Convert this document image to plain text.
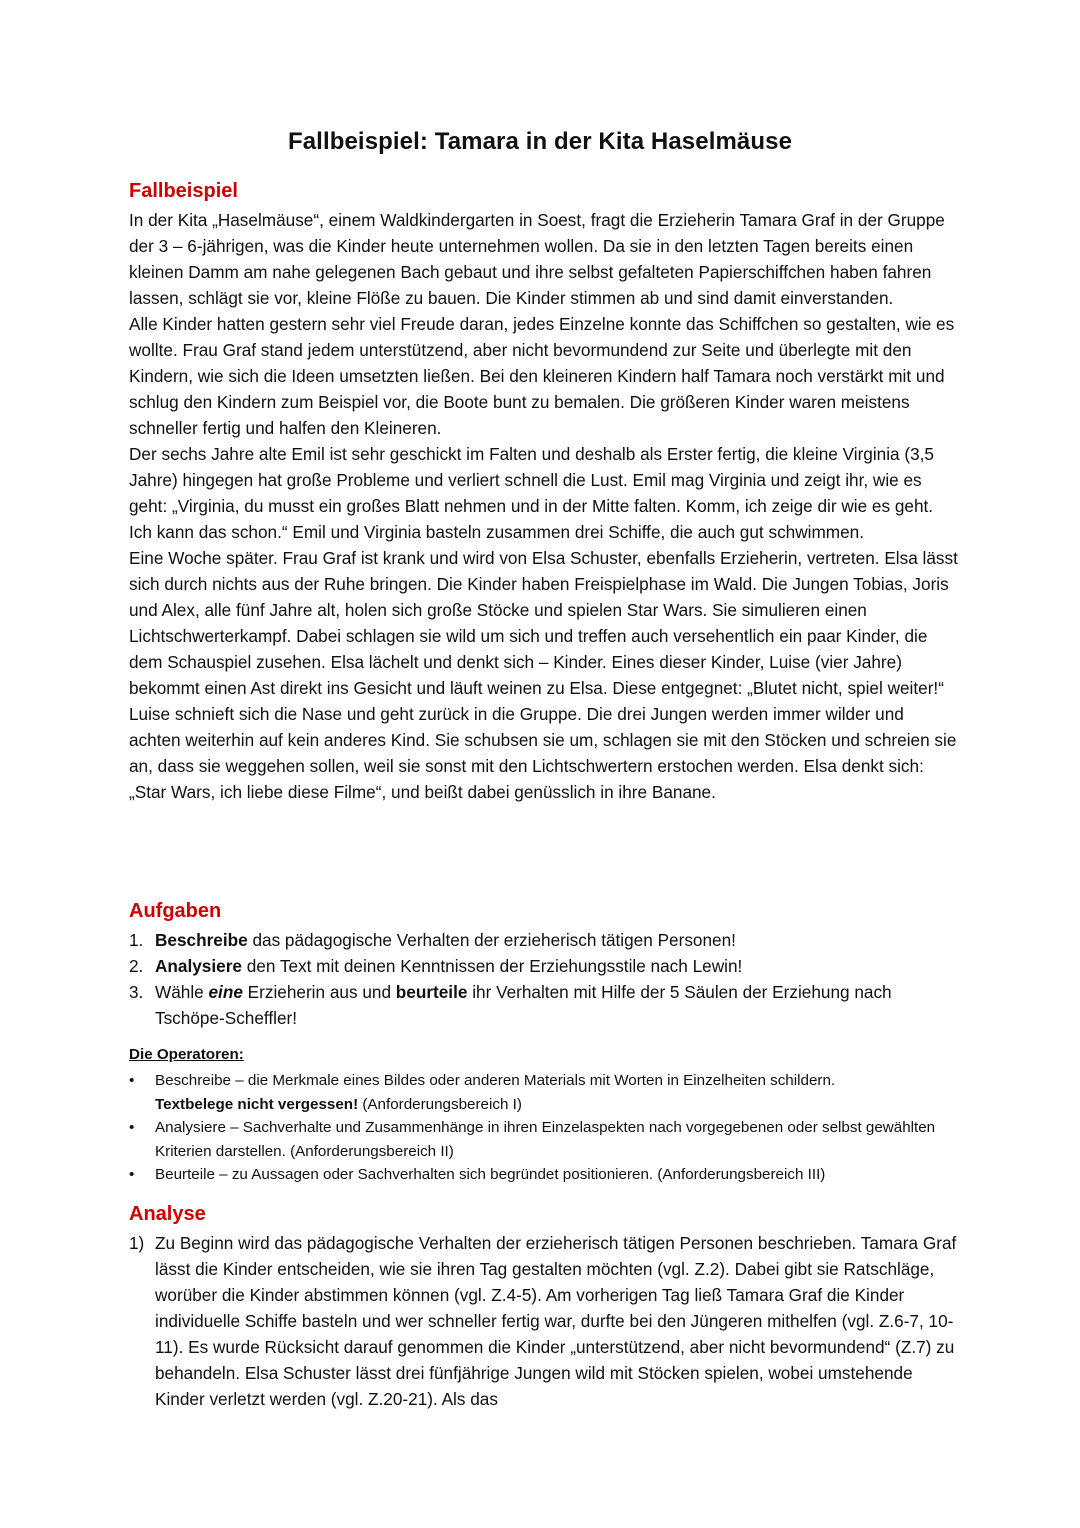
Fallbeispiel: Tamara in der Kita Haselmäuse
Fallbeispiel

In der Kita „Haselmäuse“, einem Waldkindergarten in Soest, fragt die Erzieherin Tamara Graf in der Gruppe der 3 – 6-jährigen, was die Kinder heute unternehmen wollen. Da sie in den letzten Tagen bereits einen kleinen Damm am nahe gelegenen Bach gebaut und ihre selbst gefalteten Papierschiffchen haben fahren lassen, schlägt sie vor, kleine Flöße zu bauen. Die Kinder stimmen ab und sind damit einverstanden.

Alle Kinder hatten gestern sehr viel Freude daran, jedes Einzelne konnte das Schiffchen so gestalten, wie es wollte. Frau Graf stand jedem unterstützend, aber nicht bevormundend zur Seite und überlegte mit den Kindern, wie sich die Ideen umsetzten ließen. Bei den kleineren Kindern half Tamara noch verstärkt mit und schlug den Kindern zum Beispiel vor, die Boote bunt zu bemalen. Die größeren Kinder waren meistens schneller fertig und halfen den Kleineren.

Der sechs Jahre alte Emil ist sehr geschickt im Falten und deshalb als Erster fertig, die kleine Virginia (3,5 Jahre) hingegen hat große Probleme und verliert schnell die Lust. Emil mag Virginia und zeigt ihr, wie es geht: „Virginia, du musst ein großes Blatt nehmen und in der Mitte falten. Komm, ich zeige dir wie es geht. Ich kann das schon.“ Emil und Virginia basteln zusammen drei Schiffe, die auch gut schwimmen.

Eine Woche später. Frau Graf ist krank und wird von Elsa Schuster, ebenfalls Erzieherin, vertreten. Elsa lässt sich durch nichts aus der Ruhe bringen. Die Kinder haben Freispielphase im Wald. Die Jungen Tobias, Joris und Alex, alle fünf Jahre alt, holen sich große Stöcke und spielen Star Wars. Sie simulieren einen Lichtschwerterkampf. Dabei schlagen sie wild um sich und treffen auch versehentlich ein paar Kinder, die dem Schauspiel zusehen. Elsa lächelt und denkt sich – Kinder. Eines dieser Kinder, Luise (vier Jahre) bekommt einen Ast direkt ins Gesicht und läuft weinen zu Elsa. Diese entgegnet: „Blutet nicht, spiel weiter!“ Luise schnieft sich die Nase und geht zurück in die Gruppe. Die drei Jungen werden immer wilder und achten weiterhin auf kein anderes Kind. Sie schubsen sie um, schlagen sie mit den Stöcken und schreien sie an, dass sie weggehen sollen, weil sie sonst mit den Lichtschwertern erstochen werden. Elsa denkt sich: „Star Wars, ich liebe diese Filme“, und beißt dabei genüsslich in ihre Banane.

Aufgaben
1. Beschreibe das pädagogische Verhalten der erzieherisch tätigen Personen!
2. Analysiere den Text mit deinen Kenntnissen der Erziehungsstile nach Lewin!
3. Wähle eine Erzieherin aus und beurteile ihr Verhalten mit Hilfe der 5 Säulen der Erziehung nach Tschöpe-Scheffler!
Die Operatoren:
• Beschreibe – die Merkmale eines Bildes oder anderen Materials mit Worten in Einzelheiten schildern.
Textbelege nicht vergessen! (Anforderungsbereich I)
• Analysiere – Sachverhalte und Zusammenhänge in ihren Einzelaspekten nach vorgegebenen oder selbst gewählten Kriterien darstellen. (Anforderungsbereich II)
• Beurteile – zu Aussagen oder Sachverhalten sich begründet positionieren. (Anforderungsbereich III)
Analyse
1) Zu Beginn wird das pädagogische Verhalten der erzieherisch tätigen Personen beschrieben. Tamara Graf lässt die Kinder entscheiden, wie sie ihren Tag gestalten möchten (vgl. Z.2). Dabei gibt sie Ratschläge, worüber die Kinder abstimmen können (vgl. Z.4-5). Am vorherigen Tag ließ Tamara Graf die Kinder individuelle Schiffe basteln und wer schneller fertig war, durfte bei den Jüngeren mithelfen (vgl. Z.6-7, 10-11). Es wurde Rücksicht darauf genommen die Kinder „unterstützend, aber nicht bevormundend“ (Z.7) zu behandeln. Elsa Schuster lässt drei fünfjährige Jungen wild mit Stöcken spielen, wobei umstehende Kinder verletzt werden (vgl. Z.20-21). Als das
